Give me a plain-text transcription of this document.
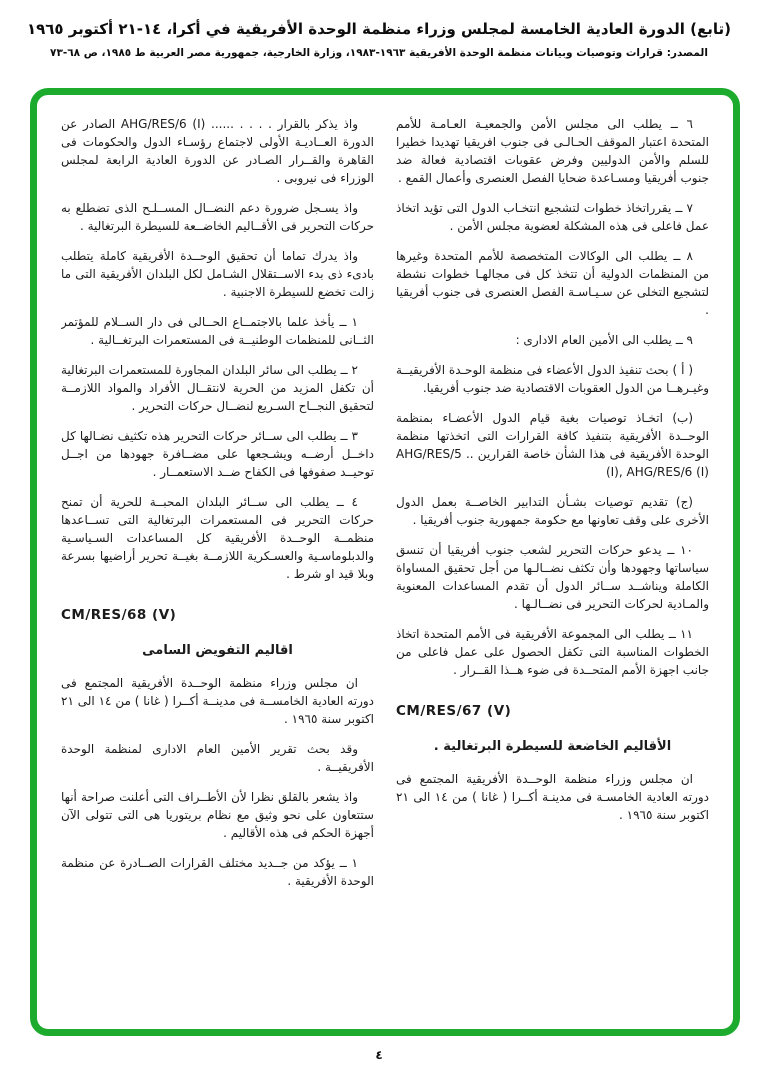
(تابع) الدورة العادية الخامسة لمجلس وزراء منظمة الوحدة الأفريقية في أكرا، ١٤-٢١ أكتوبر ١٩٦٥
المصدر: قرارات وتوصيات وبيانات منظمة الوحدة الأفريقية ١٩٦٣-١٩٨٣، وزارة الخارجية، جمهورية مصر العربية ط ١٩٨٥، ص ٦٨-٧٣

٦ ــ يطلب الى مجلس الأمن والجمعيـة العـامـة للأمم المتحدة اعتبار الموقف الحـالـى فى جنوب افريقيا تهديدا خطيرا للسلم والأمن الدوليين وفرض عقوبات اقتصادية فعالة ضد جنوب أفريقيا ومسـاعدة ضحايا الفصل العنصرى وأعمال القمع .

٧ ــ يقرراتخاذ خطوات لتشجيع انتخـاب الدول التى تؤيد اتخاذ عمل فاعلى فى هذه المشكلة لعضوية مجلس الأمن .

٨ ــ يطلب الى الوكالات المتخصصة للأمم المتحدة وغيرها من المنظمات الدولية أن تتخذ كل فى مجالهـا خطوات نشطة لتشجيع التخلى عن سـيـاسـة الفصل العنصرى فى جنوب أفريقيا .

٩ ــ يطلب الى الأمين العام الادارى :

( أ ) بحث تنفيذ الدول الأعضاء فى منظمة الوحـدة الأفريقيــة وغيـرهــا من الدول العقوبات الاقتصادية ضد جنوب أفريقيا.

(ب) اتخـاذ توصيات بغية قيام الدول الأعضـاء بمنظمة الوحــدة الأفريقية بتنفيذ كافة القرارات التى اتخذتها منظمة الوحدة الأفريقية فى هذا الشأن خاصة القرارين .. AHG/RES/5 (I), AHG/RES/6 (I)

(ج) تقديم توصيات بشـأن التدابير الخاصــة بعمل الدول الأخرى على وقف تعاونها مع حكومة جمهورية جنوب أفريقيا .

١٠ ــ يدعو حركات التحرير لشعب جنوب أفريقيا أن تنسق سياساتها وجهودها وأن تكثف نضــالـها من أجل تحقيق المساواة الكاملة ويناشــد ســائر الدول أن تقدم المساعدات المعنوية والمـادية لحركات التحرير فى نضــالـها .

١١ ــ يطلب الى المجموعة الأفريقية فى الأمم المتحدة اتخاذ الخطوات المناسبة التى تكفل الحصول على عمل فاعلى من جانب اجهزة الأمم المتحــدة فى ضوء هــذا القــرار .

CM/RES/67 (V)

الأقاليم الخاضعة للسيطرة البرتغالية .

ان مجلس وزراء منظمة الوحــدة الأفريقية المجتمع فى دورته العادية الخامسـة فى مدينـة أكــرا ( غانا ) من ١٤ الى ٢١ اكتوبر سنة ١٩٦٥ .

واذ يذكر بالقرار . . . . ...... AHG/RES/6 (I) الصادر عن الدورة العــاديـة الأولى لاجتماع رؤسـاء الدول والحكومات فى القاهرة والقــرار الصـادر عن الدورة العادية الرابعة لمجلس الوزراء فى نيروبى .

واذ يسـجل ضرورة دعم النضــال المســلـح الذى تضطلع به حركات التحرير فى الأقــاليم الخاضــعة للسيطرة البرتغالية .

واذ يدرك تماما أن تحقيق الوحــدة الأفريقية كاملة يتطلب بادىء ذى بدء الاســتقلال الشـامل لكل البلدان الأفريقية التى ما زالت تخضع للسيطرة الاجنبية .

١ ــ يأخذ علما بالاجتمــاع الحــالى فى دار الســلام للمؤتمر الثــانى للمنظمات الوطنيــة فى المستعمرات البرتغــالية .

٢ ــ يطلب الى سائر البلدان المجاورة للمستعمرات البرتغالية أن تكفل المزيد من الحرية لانتقــال الأفراد والمواد اللازمــة لتحقيق النجــاح السـريع لنضــال حركات التحرير .

٣ ــ يطلب الى ســائر حركات التحرير هذه تكثيف نضـالها كل داخــل أرضــه ويشـجعها على مضــافرة جهودها من اجــل توحيــد صفوفها فى الكفاح ضــد الاستعمــار .

٤ ــ يطلب الى ســائر البلدان المحبــة للحرية أن تمنح حركات التحرير فى المستعمرات البرتغالية التى تســاعدها منظمــة الوحــدة الأفريقية كل المساعدات السـياسـية والدبلوماسـية والعسـكرية اللازمــة بغيــة تحرير أراضيها بسرعة وبلا قيد او شرط .

CM/RES/68 (V)

اقاليم التفويض السامى

ان مجلس وزراء منظمة الوحــدة الأفريقية المجتمع فى دورته العادية الخامســة فى مدينــة أكــرا ( غانا ) من ١٤ الى ٢١ اكتوبر سنة ١٩٦٥ .

وقد بحث تقرير الأمين العام الادارى لمنظمة الوحدة الأفريقيــة .

واذ يشعر بالقلق نظرا لأن الأطــراف التى أعلنت صراحة أنها ستتعاون على نحو وثيق مع نظام بريتوريا هى التى تتولى الآن أجهزة الحكم فى هذه الأقاليم .

١ ــ يؤكد من جــديد مختلف القرارات الصــادرة عن منظمة الوحدة الأفريقية .

٤
